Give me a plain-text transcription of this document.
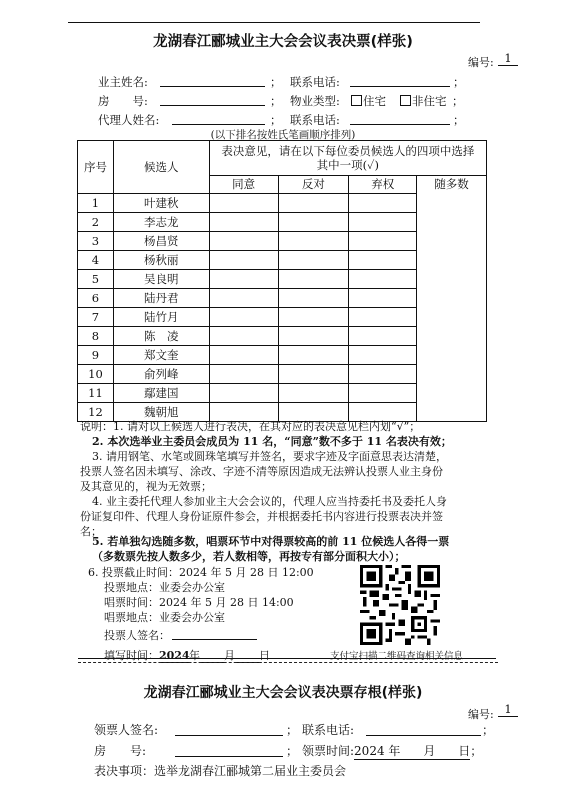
龙湖春江郦城业主大会会议表决票(样张)
编号: 1
业主姓名:	； 联系电话:	；
房　　号:	； 物业类型:	住宅	非住宅 ；
代理人姓名:	； 联系电话:	；
(以下排名按姓氏笔画顺序排列)
序号	候选人	表决意见，请在以下每位委员候选人的四项中选择其中一项(✓)			
		同意	反对	弃权	随多数

1	叶建秋				
2	李志龙				
3	杨昌贤				
4	杨秋丽				
5	吴良明				
6	陆丹君				
7	陆竹月				
8	陈　凌				
9	郑文奎				
10	俞列峰				
11	鄢建国				
12	魏朝旭				
说明：1. 请对以上候选人进行表决，在其对应的表决意见栏内划“√”；
2. 本次选举业主委员会成员为 11 名，“同意”数不多于 11 名表决有效；
3. 请用钢笔、水笔或圆珠笔填写并签名，要求字迹及字面意思表达清楚，
投票人签名因未填写、涂改、字迹不清等原因造成无法辨认投票人业主身份
及其意见的，视为无效票；
4. 业主委托代理人参加业主大会会议的，代理人应当持委托书及委托人身
份证复印件、代理人身份证原件参会，并根据委托书内容进行投票表决并签
名；
5. 若单独勾选随多数，唱票环节中对得票较高的前 11 位候选人各得一票
（多数票先按人数多少，若人数相等，再按专有部分面积大小）；
6. 投票截止时间：2024 年 5 月 28 日 12:00
投票地点：业委会办公室
唱票时间：2024 年 5 月 28 日 14:00
唱票地点：业委会办公室
投票人签名：
填写时间：2024年 月 日	支付宝扫描二维码查询相关信息
龙湖春江郦城业主大会会议表决票存根(样张)
编号: 1
领票人签名:	； 联系电话:	；
房　　号:	； 领票时间:2024 年 月 日；
表决事项：选举龙湖春江郦城第二届业主委员会
